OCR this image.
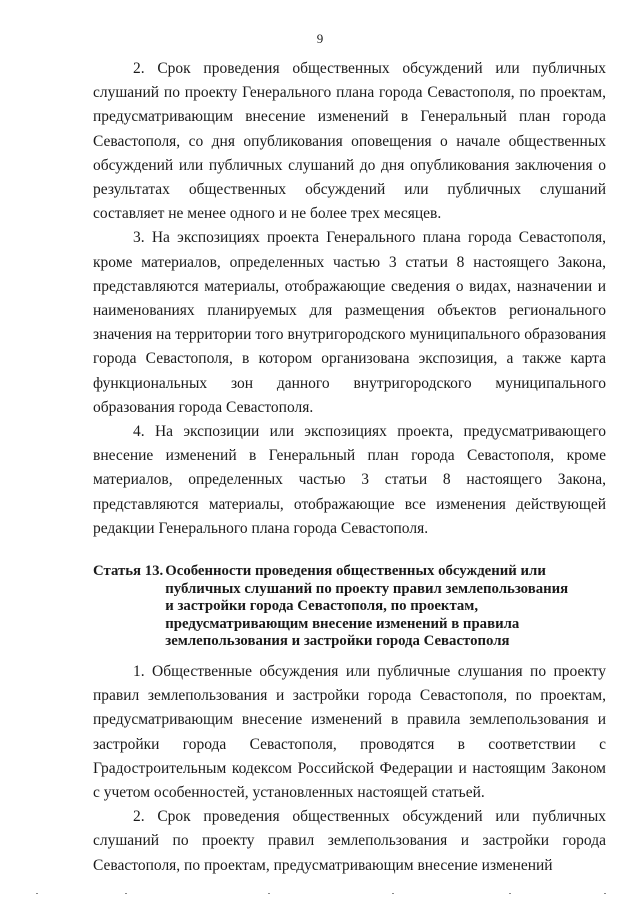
9

2. Срок проведения общественных обсуждений или публичных слушаний по проекту Генерального плана города Севастополя, по проектам, предусматривающим внесение изменений в Генеральный план города Севастополя, со дня опубликования оповещения о начале общественных обсуждений или публичных слушаний до дня опубликования заключения о результатах общественных обсуждений или публичных слушаний составляет не менее одного и не более трех месяцев.

3. На экспозициях проекта Генерального плана города Севастополя, кроме материалов, определенных частью 3 статьи 8 настоящего Закона, представляются материалы, отображающие сведения о видах, назначении и наименованиях планируемых для размещения объектов регионального значения на территории того внутригородского муниципального образования города Севастополя, в котором организована экспозиция, а также карта функциональных зон данного внутригородского муниципального образования города Севастополя.

4. На экспозиции или экспозициях проекта, предусматривающего внесение изменений в Генеральный план города Севастополя, кроме материалов, определенных частью 3 статьи 8 настоящего Закона, представляются материалы, отображающие все изменения действующей редакции Генерального плана города Севастополя.

Статья 13. Особенности проведения общественных обсуждений или
публичных слушаний по проекту правил землепользования
и застройки города Севастополя, по проектам,
предусматривающим внесение изменений в правила
землепользования и застройки города Севастополя

1. Общественные обсуждения или публичные слушания по проекту правил землепользования и застройки города Севастополя, по проектам, предусматривающим внесение изменений в правила землепользования и застройки города Севастополя, проводятся в соответствии с Градостроительным кодексом Российской Федерации и настоящим Законом с учетом особенностей, установленных настоящей статьей.

2. Срок проведения общественных обсуждений или публичных слушаний по проекту правил землепользования и застройки города Севастополя, по проектам, предусматривающим внесение изменений
